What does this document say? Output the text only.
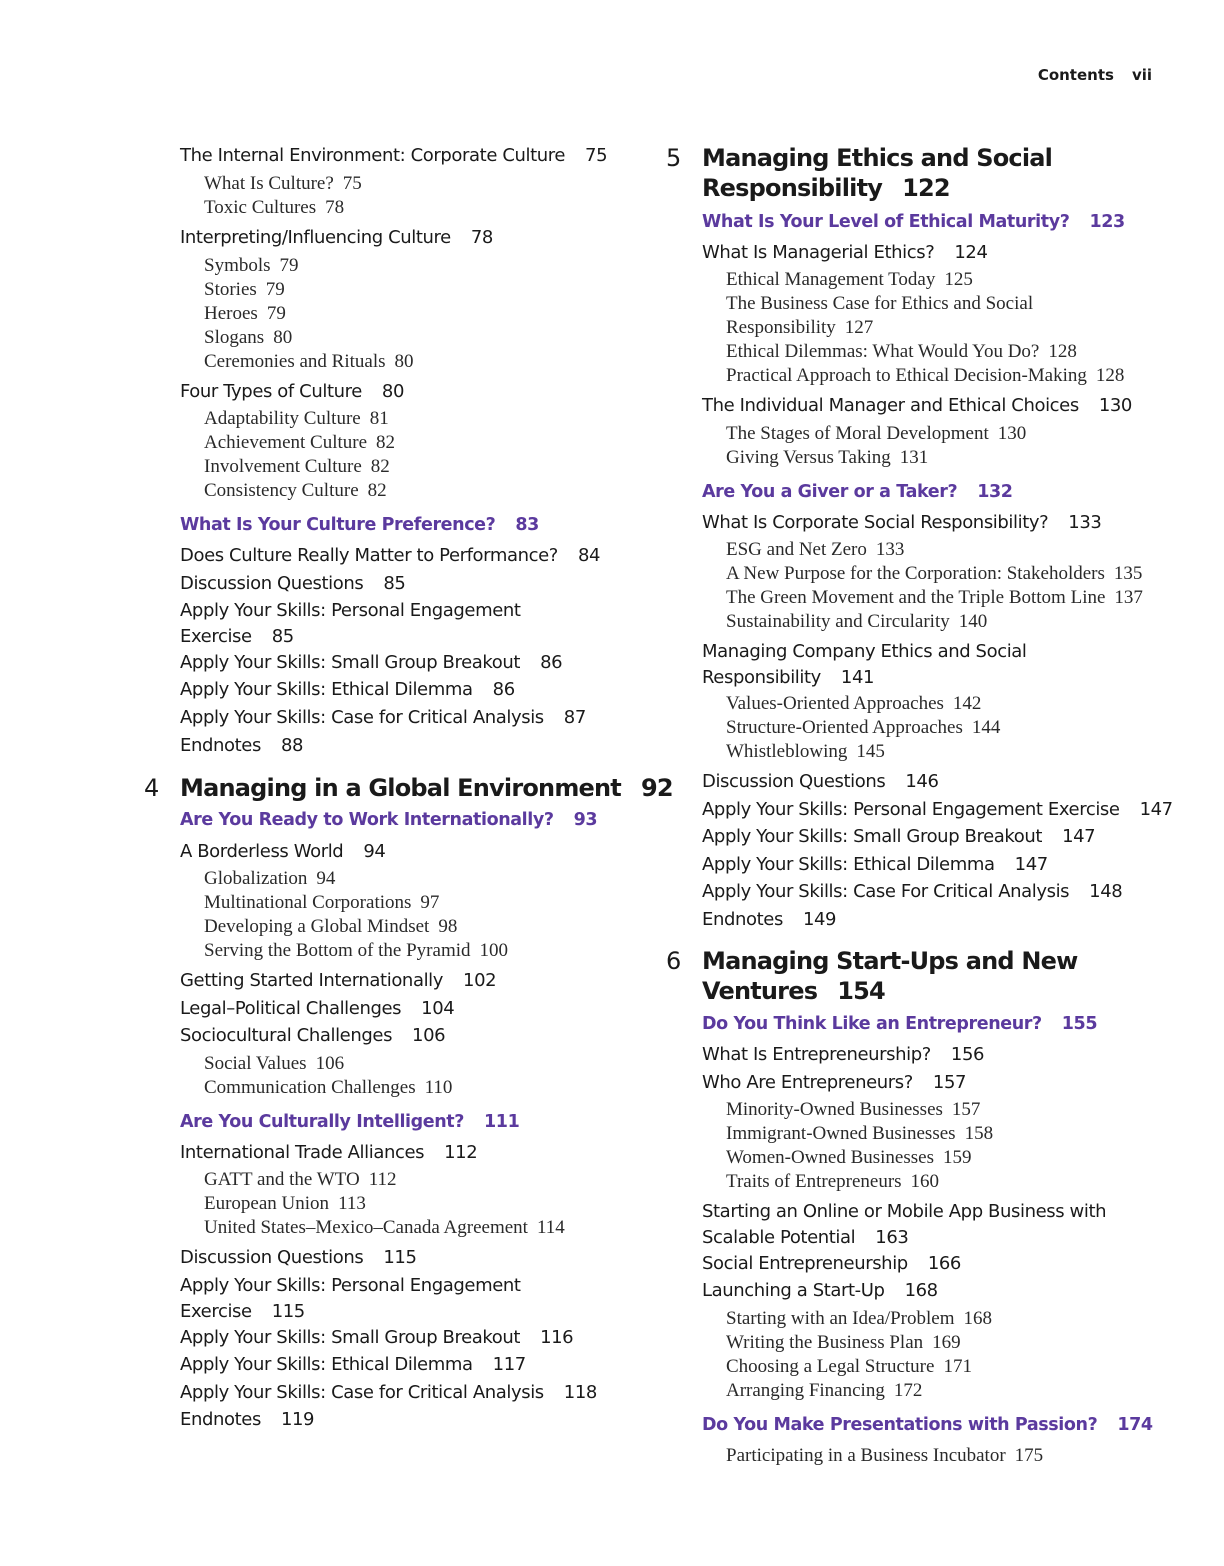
Contents vii
The Internal Environment: Corporate Culture 75
What Is Culture? 75
Toxic Cultures 78
Interpreting/Influencing Culture 78
Symbols 79
Stories 79
Heroes 79
Slogans 80
Ceremonies and Rituals 80
Four Types of Culture 80
Adaptability Culture 81
Achievement Culture 82
Involvement Culture 82
Consistency Culture 82
What Is Your Culture Preference? 83
Does Culture Really Matter to Performance? 84
Discussion Questions 85
Apply Your Skills: Personal Engagement
Exercise 85
Apply Your Skills: Small Group Breakout 86
Apply Your Skills: Ethical Dilemma 86
Apply Your Skills: Case for Critical Analysis 87
Endnotes 88
4 Managing in a Global Environment 92
Are You Ready to Work Internationally? 93
A Borderless World 94
Globalization 94
Multinational Corporations 97
Developing a Global Mindset 98
Serving the Bottom of the Pyramid 100
Getting Started Internationally 102
Legal–Political Challenges 104
Sociocultural Challenges 106
Social Values 106
Communication Challenges 110
Are You Culturally Intelligent? 111
International Trade Alliances 112
GATT and the WTO 112
European Union 113
United States–Mexico–Canada Agreement 114
Discussion Questions 115
Apply Your Skills: Personal Engagement
Exercise 115
Apply Your Skills: Small Group Breakout 116
Apply Your Skills: Ethical Dilemma 117
Apply Your Skills: Case for Critical Analysis 118
Endnotes 119
5 Managing Ethics and Social
Responsibility 122
What Is Your Level of Ethical Maturity? 123
What Is Managerial Ethics? 124
Ethical Management Today 125
The Business Case for Ethics and Social
Responsibility 127
Ethical Dilemmas: What Would You Do? 128
Practical Approach to Ethical Decision-Making 128
The Individual Manager and Ethical Choices 130
The Stages of Moral Development 130
Giving Versus Taking 131
Are You a Giver or a Taker? 132
What Is Corporate Social Responsibility? 133
ESG and Net Zero 133
A New Purpose for the Corporation: Stakeholders 135
The Green Movement and the Triple Bottom Line 137
Sustainability and Circularity 140
Managing Company Ethics and Social
Responsibility 141
Values-Oriented Approaches 142
Structure-Oriented Approaches 144
Whistleblowing 145
Discussion Questions 146
Apply Your Skills: Personal Engagement Exercise 147
Apply Your Skills: Small Group Breakout 147
Apply Your Skills: Ethical Dilemma 147
Apply Your Skills: Case For Critical Analysis 148
Endnotes 149
6 Managing Start-Ups and New
Ventures 154
Do You Think Like an Entrepreneur? 155
What Is Entrepreneurship? 156
Who Are Entrepreneurs? 157
Minority-Owned Businesses 157
Immigrant-Owned Businesses 158
Women-Owned Businesses 159
Traits of Entrepreneurs 160
Starting an Online or Mobile App Business with
Scalable Potential 163
Social Entrepreneurship 166
Launching a Start-Up 168
Starting with an Idea/Problem 168
Writing the Business Plan 169
Choosing a Legal Structure 171
Arranging Financing 172
Do You Make Presentations with Passion? 174
Participating in a Business Incubator 175
